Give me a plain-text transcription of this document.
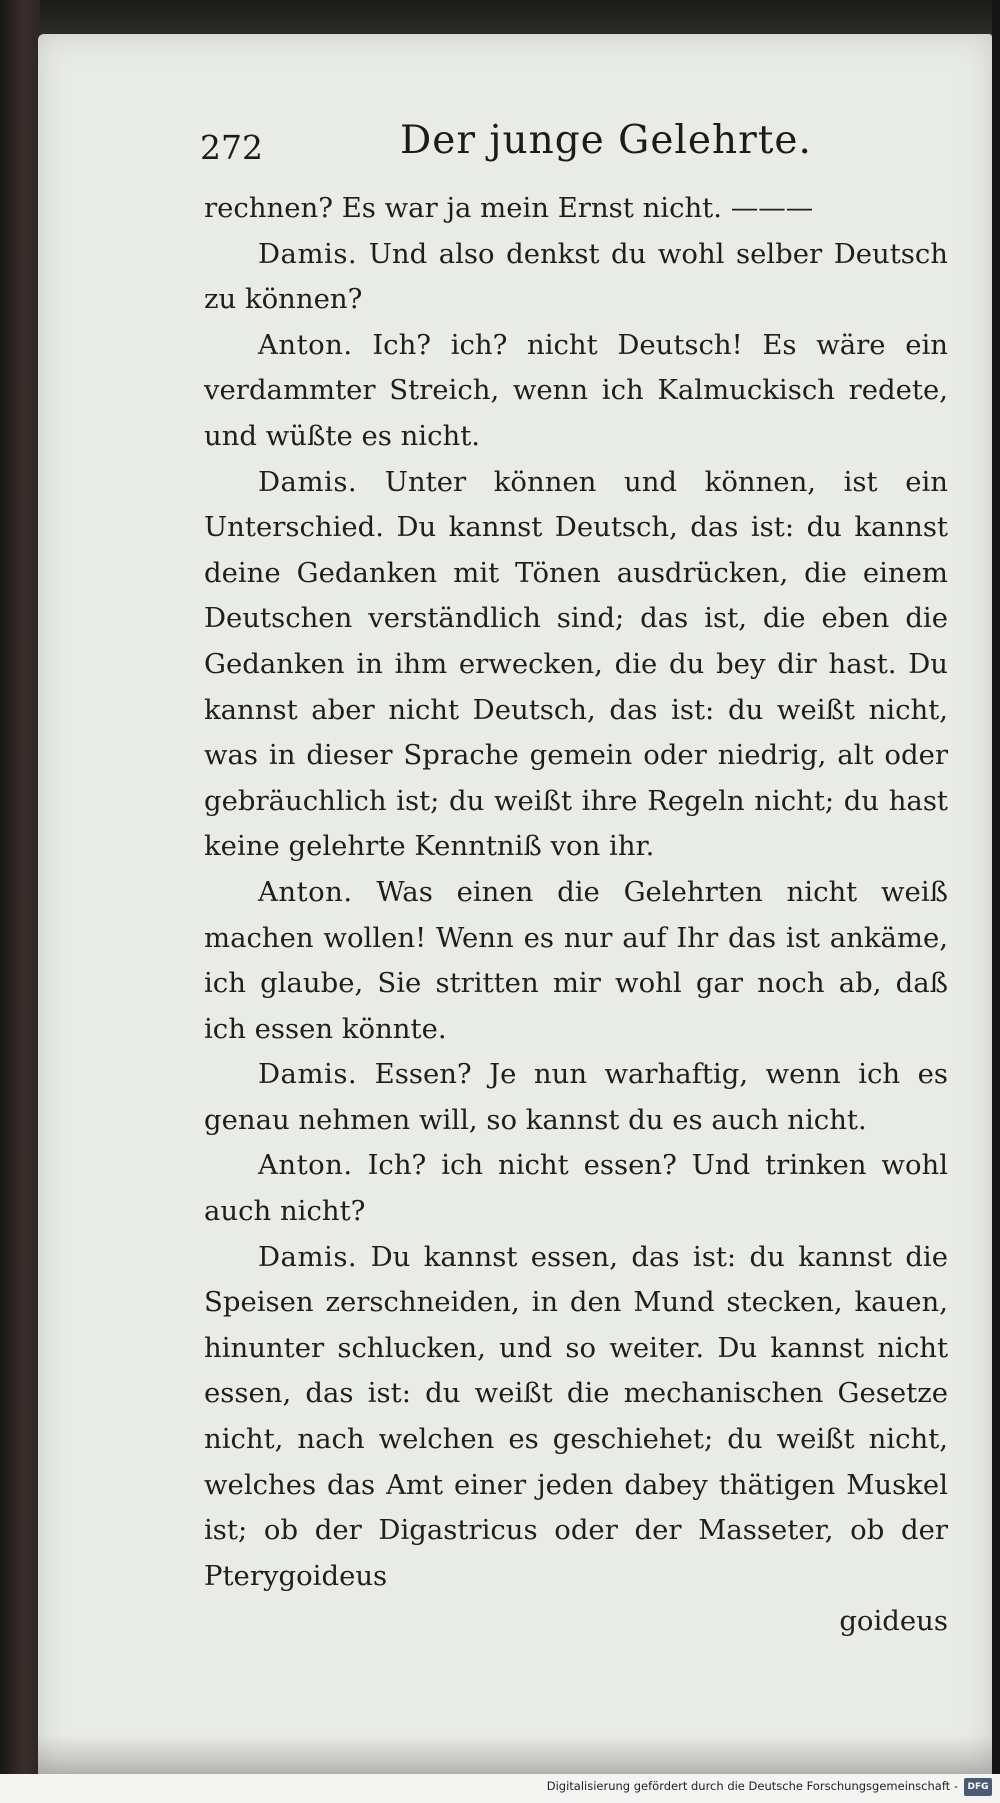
272	Der junge Gelehrte.

rechnen? Es war ja mein Ernst nicht. ———

Damis. Und also denkst du wohl selber Deutsch zu können?

Anton. Ich? ich? nicht Deutsch! Es wäre ein verdammter Streich, wenn ich Kalmuckisch redete, und wüßte es nicht.

Damis. Unter können und können, ist ein Unterschied. Du kannst Deutsch, das ist: du kannst deine Gedanken mit Tönen ausdrücken, die einem Deutschen verständlich sind; das ist, die eben die Gedanken in ihm erwecken, die du bey dir hast. Du kannst aber nicht Deutsch, das ist: du weißt nicht, was in dieser Sprache gemein oder niedrig, alt oder gebräuchlich ist; du weißt ihre Regeln nicht; du hast keine gelehrte Kenntniß von ihr.

Anton. Was einen die Gelehrten nicht weiß machen wollen! Wenn es nur auf Ihr das ist ankäme, ich glaube, Sie stritten mir wohl gar noch ab, daß ich essen könnte.

Damis. Essen? Je nun warhaftig, wenn ich es genau nehmen will, so kannst du es auch nicht.

Anton. Ich? ich nicht essen? Und trinken wohl auch nicht?

Damis. Du kannst essen, das ist: du kannst die Speisen zerschneiden, in den Mund stecken, kauen, hinunter schlucken, und so weiter. Du kannst nicht essen, das ist: du weißt die mechanischen Gesetze nicht, nach welchen es geschiehet; du weißt nicht, welches das Amt einer jeden dabey thätigen Muskel ist; ob der Digastricus oder der Masseter, ob der Pterygoideus

goideus

Digitalisierung gefördert durch die Deutsche Forschungsgemeinschaft -	DFG
